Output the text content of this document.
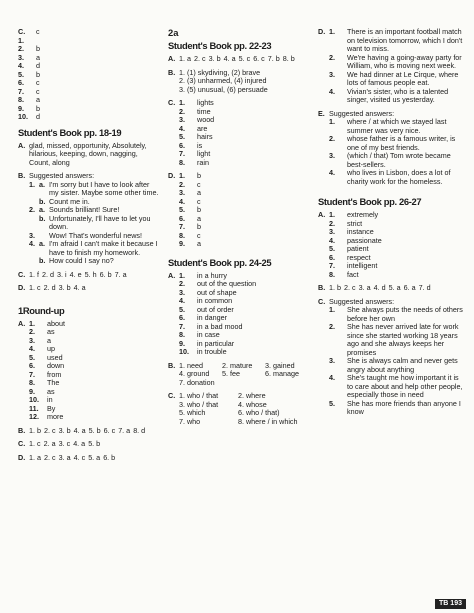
C. 1.
c
2.	b
3.	a
4.	d
5.	b
6.	c
7.	c
8.	a
9.	b
10.	d
Student's Book pp. 18-19
A. glad, missed, opportunity, Absolutely, hilarious, keeping, down, nagging, Count, along
B. Suggested answers:
1. a. I'm sorry but I have to look after my sister. Maybe some other time.
b. Count me in.
2. a. Sounds brilliant! Sure!
b. Unfortunately, I'll have to let you down.
3.	Wow! That's wonderful news!
4. a. I'm afraid I can't make it because I have to finish my homework.
b. How could I say no?
C. 1. f 2. d 3. i 4. e 5. h 6. b 7. a
D. 1. c 2. d 3. b 4. a
1Round-up
A. 1.	about
2.	as
3.	a
4.	up
5.	used
6.	down
7.	from
8.	The
9.	as
10.	in
11.	By
12.	more
B. 1. b 2. c 3. b 4. a 5. b 6. c 7. a 8. d
C. 1. c 2. a 3. c 4. a 5. b
D. 1. a 2. c 3. a 4. c 5. a 6. b
2a
Student's Book pp. 22-23
A. 1. a 2. c 3. b 4. a 5. c 6. c 7. b 8. b
B. 1. (1) skydiving, (2) brave
2. (3) unharmed, (4) injured
3. (5) unusual, (6) persuade
C. 1.	lights
2.	time
3.	wood
4.	are
5.	hairs
6.	is
7.	light
8.	rain
D. 1.	b
2.	c
3.	a
4.	c
5.	b
6.	a
7.	b
8.	c
9.	a
Student's Book pp. 24-25
A. 1.	in a hurry
2.	out of the question
3.	out of shape
4.	in common
5.	out of order
6.	in danger
7.	in a bad mood
8.	in case
9.	in particular
10.	in trouble
B. 1. need	2. mature	3. gained
4. ground	5. fee	6. manage
7. donation
C. 1. who / that	2. where
3. who / that	4. whose
5. which	6. who / that)
7. who	8. where / in which
D. 1.	There is an important football match on television tomorrow, which I don't want to miss.
2.	We're having a going-away party for William, who is moving next week.
3.	We had dinner at Le Cirque, where lots of famous people eat.
4.	Vivian's sister, who is a talented singer, visited us yesterday.
E. Suggested answers:
1.	where / at which we stayed last summer was very nice.
2.	whose father is a famous writer, is one of my best friends.
3.	(which / that) Tom wrote became best-sellers.
4.	who lives in Lisbon, does a lot of charity work for the homeless.
Student's Book pp. 26-27
A. 1.	extremely
2.	strict
3.	instance
4.	passionate
5.	patient
6.	respect
7.	intelligent
8.	fact
B. 1. b 2. c 3. a 4. d 5. a 6. a 7. d
C. Suggested answers:
1.	She always puts the needs of others before her own
2.	She has never arrived late for work since she started working 18 years ago and she always keeps her promises
3.	She is always calm and never gets angry about anything
4.	She's taught me how important it is to care about and help other people, especially those in need
5.	She has more friends than anyone I know
TB 193
